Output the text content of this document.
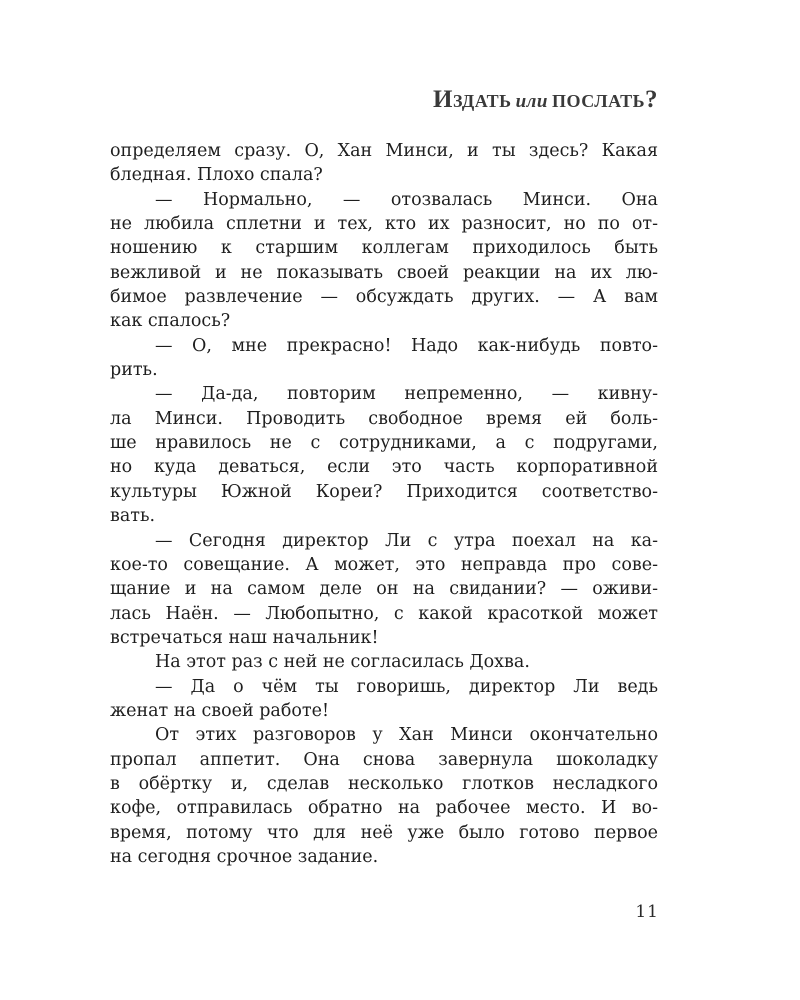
Издать или послать?
определяем сразу. О, Хан Минси, и ты здесь? Какая
бледная. Плохо спала?
— Нормально, — отозвалась Минси. Она
не любила сплетни и тех, кто их разносит, но по от-
ношению к старшим коллегам приходилось быть
вежливой и не показывать своей реакции на их лю-
бимое развлечение — обсуждать других. — А вам
как спалось?
— О, мне прекрасно! Надо как-нибудь повто-
рить.
— Да-да, повторим непременно, — кивну-
ла Минси. Проводить свободное время ей боль-
ше нравилось не с сотрудниками, а с подругами,
но куда деваться, если это часть корпоративной
культуры Южной Кореи? Приходится соответство-
вать.
— Сегодня директор Ли с утра поехал на ка-
кое-то совещание. А может, это неправда про сове-
щание и на самом деле он на свидании? — оживи-
лась Наён. — Любопытно, с какой красоткой может
встречаться наш начальник!
На этот раз с ней не согласилась Дохва.
— Да о чём ты говоришь, директор Ли ведь
женат на своей работе!
От этих разговоров у Хан Минси окончательно
пропал аппетит. Она снова завернула шоколадку
в обёртку и, сделав несколько глотков несладкого
кофе, отправилась обратно на рабочее место. И во-
время, потому что для неё уже было готово первое
на сегодня срочное задание.
11
